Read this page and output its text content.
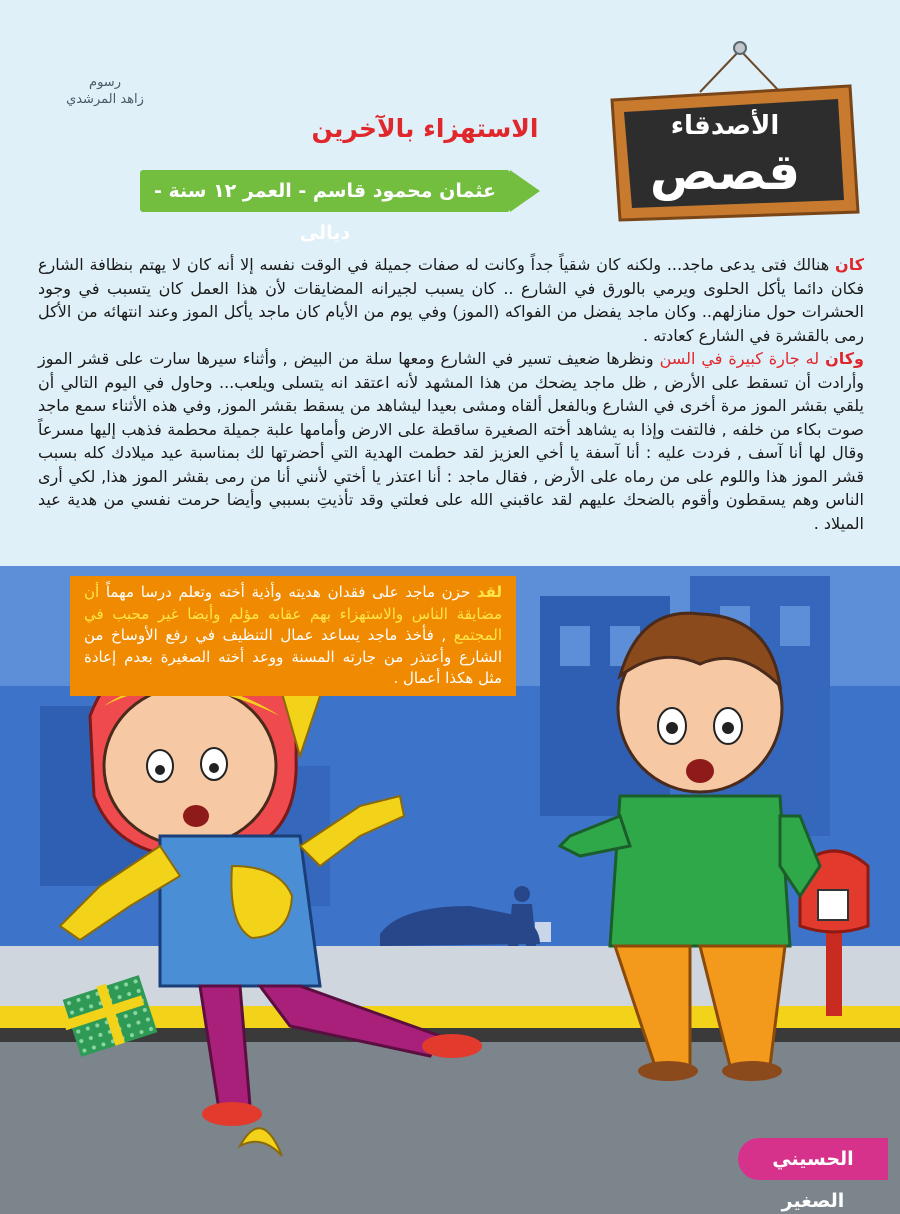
رسوم
زاهد المرشدي
الاستهزاء بالآخرين
عثمان محمود قاسم - العمر ١٢ سنة - ديالى
الأصدقاء
قصص

كان هنالك فتى يدعى ماجد... ولكنه كان شقياً جداً وكانت له صفات جميلة في الوقت نفسه إلا أنه كان لا يهتم بنظافة الشارع فكان دائما يأكل الحلوى ويرمي بالورق في الشارع .. كان يسبب لجيرانه المضايقات لأن هذا العمل كان يتسبب في وجود الحشرات حول منازلهم.. وكان ماجد يفضل من الفواكه (الموز) وفي يوم من الأيام كان ماجد يأكل الموز وعند انتهائه من الأكل رمى بالقشرة في الشارع كعادته .

وكان له جارة كبيرة في السن ونظرها ضعيف تسير في الشارع ومعها سلة من البيض , وأثناء سيرها سارت على قشر الموز وأرادت أن تسقط على الأرض , ظل ماجد يضحك من هذا المشهد لأنه اعتقد انه يتسلى ويلعب... وحاول في اليوم التالي أن يلقي بقشر الموز مرة أخرى في الشارع وبالفعل ألقاه ومشى بعيدا ليشاهد من يسقط بقشر الموز, وفي هذه الأثناء سمع ماجد صوت بكاء من خلفه , فالتفت وإذا به يشاهد أخته الصغيرة ساقطة على الارض وأمامها علبة جميلة محطمة فذهب إليها مسرعاً وقال لها أنا آسف , فردت عليه : أنا آسفة يا أخي العزيز لقد حطمت الهدية التي أحضرتها لك بمناسبة عيد ميلادك كله بسبب قشر الموز هذا واللوم على من رماه على الأرض , فقال ماجد : أنا اعتذر يا أختي لأنني أنا من رمى بقشر الموز هذا, لكي أرى الناس وهم يسقطون وأقوم بالضحك عليهم لقد عاقبني الله على فعلتي وقد تأذيتِ بسببي وأيضا حرمت نفسي من هدية عيد الميلاد .

لقد حزن ماجد على فقدان هديته وأذية أخته وتعلم درسا مهماً أن مضايقة الناس والاستهزاء بهم عقابه مؤلم وأيضا غير محبب في المجتمع , فأخذ ماجد يساعد عمال التنظيف في رفع الأوساخ من الشارع وأعتذر من جارته المسنة ووعد أخته الصغيرة بعدم إعادة مثل هكذا أعمال .
الحسيني الصغير
